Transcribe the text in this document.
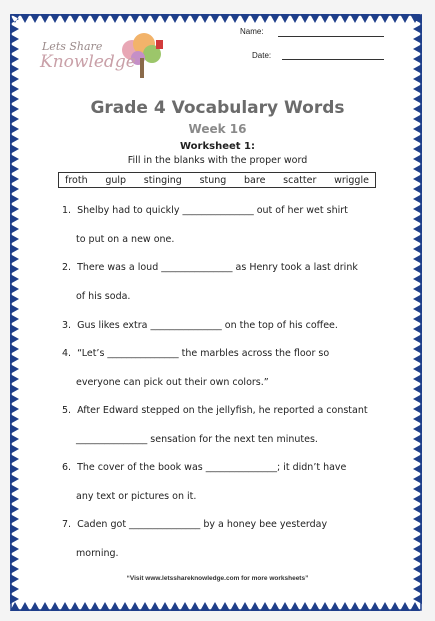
Lets Share
Knowledge
Name:
Date:
Grade 4 Vocabulary Words
Week 16
Worksheet 1:
Fill in the blanks with the proper word
froth gulp stinging stung bare scatter wriggle
1.  Shelby had to quickly _______________ out of her wet shirt
to put on a new one.
2.  There was a loud _______________ as Henry took a last drink
of his soda.
3.  Gus likes extra _______________ on the top of his coffee.
4.  “Let’s _______________ the marbles across the floor so
everyone can pick out their own colors.”
5.  After Edward stepped on the jellyfish, he reported a constant
_______________ sensation for the next ten minutes.
6.  The cover of the book was _______________; it didn’t have
any text or pictures on it.
7.  Caden got _______________ by a honey bee yesterday
morning.
“Visit www.letsshareknowledge.com for more worksheets”
